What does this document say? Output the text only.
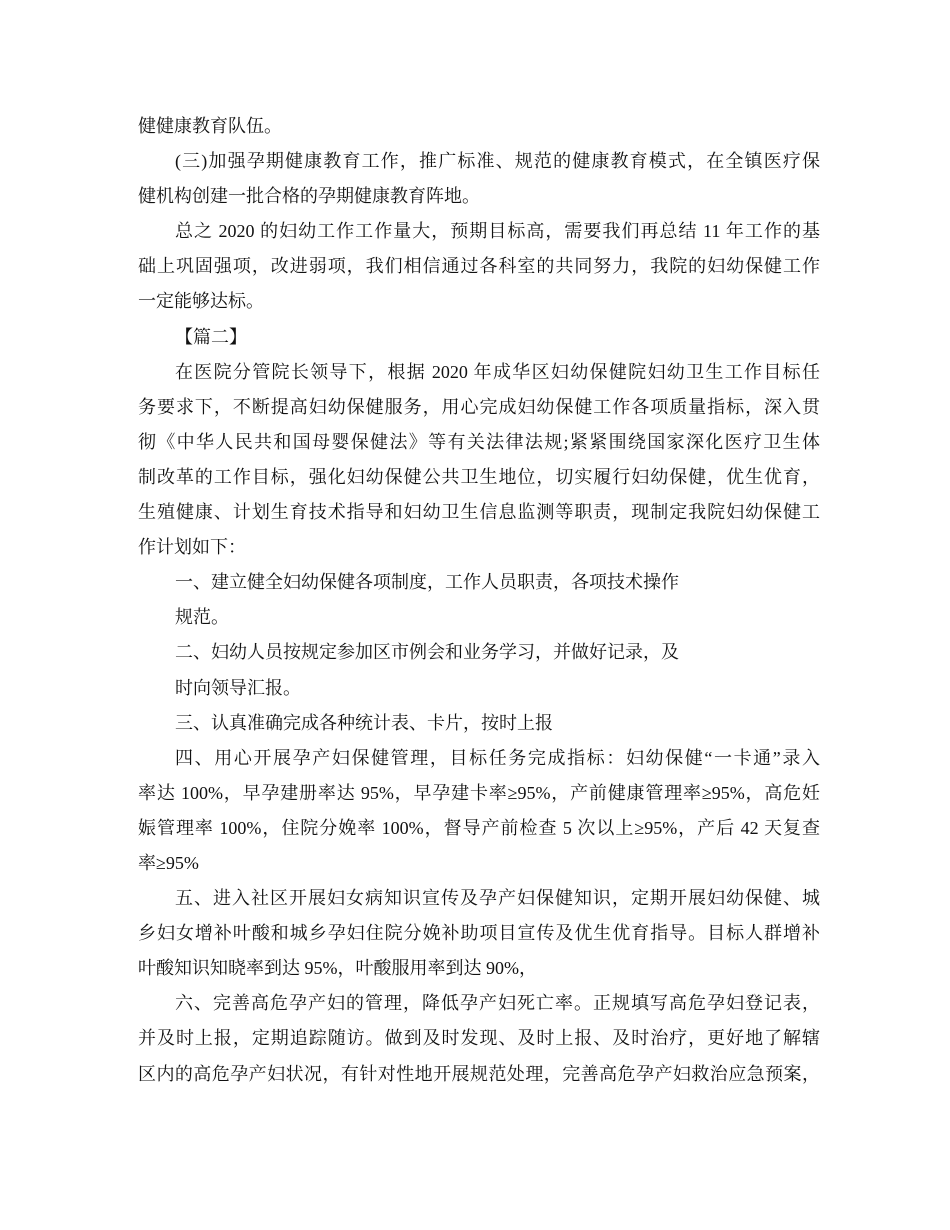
健健康教育队伍。
(三)加强孕期健康教育工作，推广标准、规范的健康教育模式，在全镇医疗保
健机构创建一批合格的孕期健康教育阵地。
总之 2020 的妇幼工作工作量大，预期目标高，需要我们再总结 11 年工作的基
础上巩固强项，改进弱项，我们相信通过各科室的共同努力，我院的妇幼保健工作
一定能够达标。
【篇二】
在医院分管院长领导下，根据 2020 年成华区妇幼保健院妇幼卫生工作目标任
务要求下，不断提高妇幼保健服务，用心完成妇幼保健工作各项质量指标，深入贯
彻《中华人民共和国母婴保健法》等有关法律法规;紧紧围绕国家深化医疗卫生体
制改革的工作目标，强化妇幼保健公共卫生地位，切实履行妇幼保健，优生优育，
生殖健康、计划生育技术指导和妇幼卫生信息监测等职责，现制定我院妇幼保健工
作计划如下：
一、建立健全妇幼保健各项制度，工作人员职责，各项技术操作
规范。
二、妇幼人员按规定参加区市例会和业务学习，并做好记录，及
时向领导汇报。
三、认真准确完成各种统计表、卡片，按时上报
四、用心开展孕产妇保健管理，目标任务完成指标：妇幼保健“一卡通”录入
率达 100%，早孕建册率达 95%，早孕建卡率≥95%，产前健康管理率≥95%，高危妊
娠管理率 100%，住院分娩率 100%，督导产前检查 5 次以上≥95%，产后 42 天复查
率≥95%
五、进入社区开展妇女病知识宣传及孕产妇保健知识，定期开展妇幼保健、城
乡妇女增补叶酸和城乡孕妇住院分娩补助项目宣传及优生优育指导。目标人群增补
叶酸知识知晓率到达 95%，叶酸服用率到达 90%，
六、完善高危孕产妇的管理，降低孕产妇死亡率。正规填写高危孕妇登记表，
并及时上报，定期追踪随访。做到及时发现、及时上报、及时治疗，更好地了解辖
区内的高危孕产妇状况，有针对性地开展规范处理，完善高危孕产妇救治应急预案，
